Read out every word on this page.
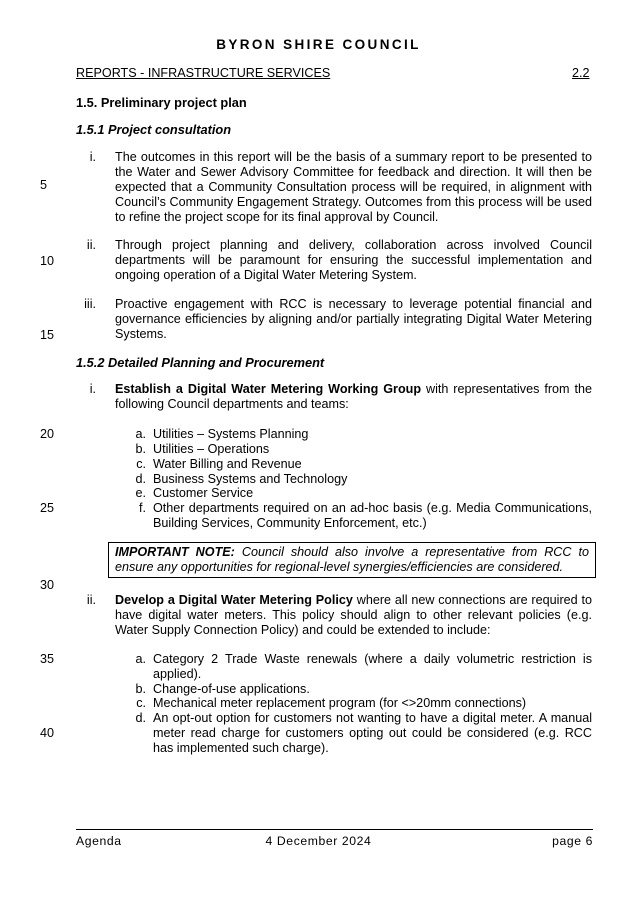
BYRON SHIRE COUNCIL
REPORTS - INFRASTRUCTURE SERVICES	2.2
1.5. Preliminary project plan
1.5.1 Project consultation
5
10
15
20
25
30
35
40
i. The outcomes in this report will be the basis of a summary report to be presented to the Water and Sewer Advisory Committee for feedback and direction. It will then be expected that a Community Consultation process will be required, in alignment with Council’s Community Engagement Strategy. Outcomes from this process will be used to refine the project scope for its final approval by Council.
ii. Through project planning and delivery, collaboration across involved Council departments will be paramount for ensuring the successful implementation and ongoing operation of a Digital Water Metering System.
iii. Proactive engagement with RCC is necessary to leverage potential financial and governance efficiencies by aligning and/or partially integrating Digital Water Metering Systems.
1.5.2 Detailed Planning and Procurement
i. Establish a Digital Water Metering Working Group with representatives from the following Council departments and teams:
a. Utilities – Systems Planning
b. Utilities – Operations
c. Water Billing and Revenue
d. Business Systems and Technology
e. Customer Service
f. Other departments required on an ad-hoc basis (e.g. Media Communications, Building Services, Community Enforcement, etc.)
IMPORTANT NOTE: Council should also involve a representative from RCC to ensure any opportunities for regional-level synergies/efficiencies are considered.
ii. Develop a Digital Water Metering Policy where all new connections are required to have digital water meters. This policy should align to other relevant policies (e.g. Water Supply Connection Policy) and could be extended to include:
a. Category 2 Trade Waste renewals (where a daily volumetric restriction is applied).
b. Change-of-use applications.
c. Mechanical meter replacement program (for <>20mm connections)
d. An opt-out option for customers not wanting to have a digital meter. A manual meter read charge for customers opting out could be considered (e.g. RCC has implemented such charge).
Agenda	4 December 2024	page 6
